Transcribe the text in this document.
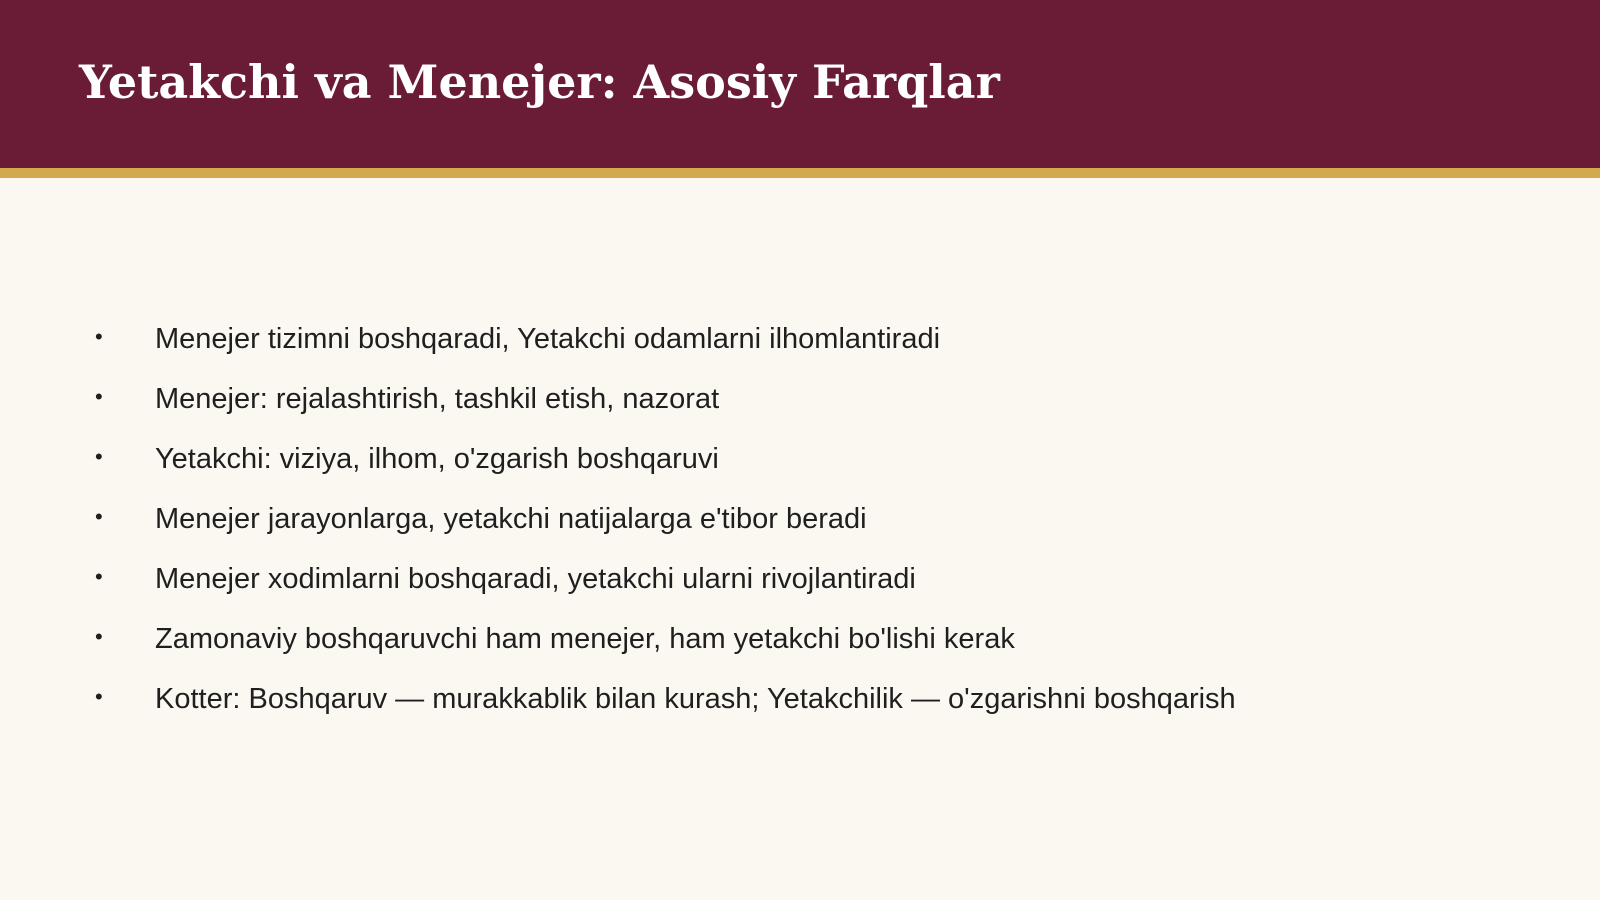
Yetakchi va Menejer: Asosiy Farqlar
• Menejer tizimni boshqaradi, Yetakchi odamlarni ilhomlantiradi
• Menejer: rejalashtirish, tashkil etish, nazorat
• Yetakchi: viziya, ilhom, o'zgarish boshqaruvi
• Menejer jarayonlarga, yetakchi natijalarga e'tibor beradi
• Menejer xodimlarni boshqaradi, yetakchi ularni rivojlantiradi
• Zamonaviy boshqaruvchi ham menejer, ham yetakchi bo'lishi kerak
• Kotter: Boshqaruv — murakkablik bilan kurash; Yetakchilik — o'zgarishni boshqarish
